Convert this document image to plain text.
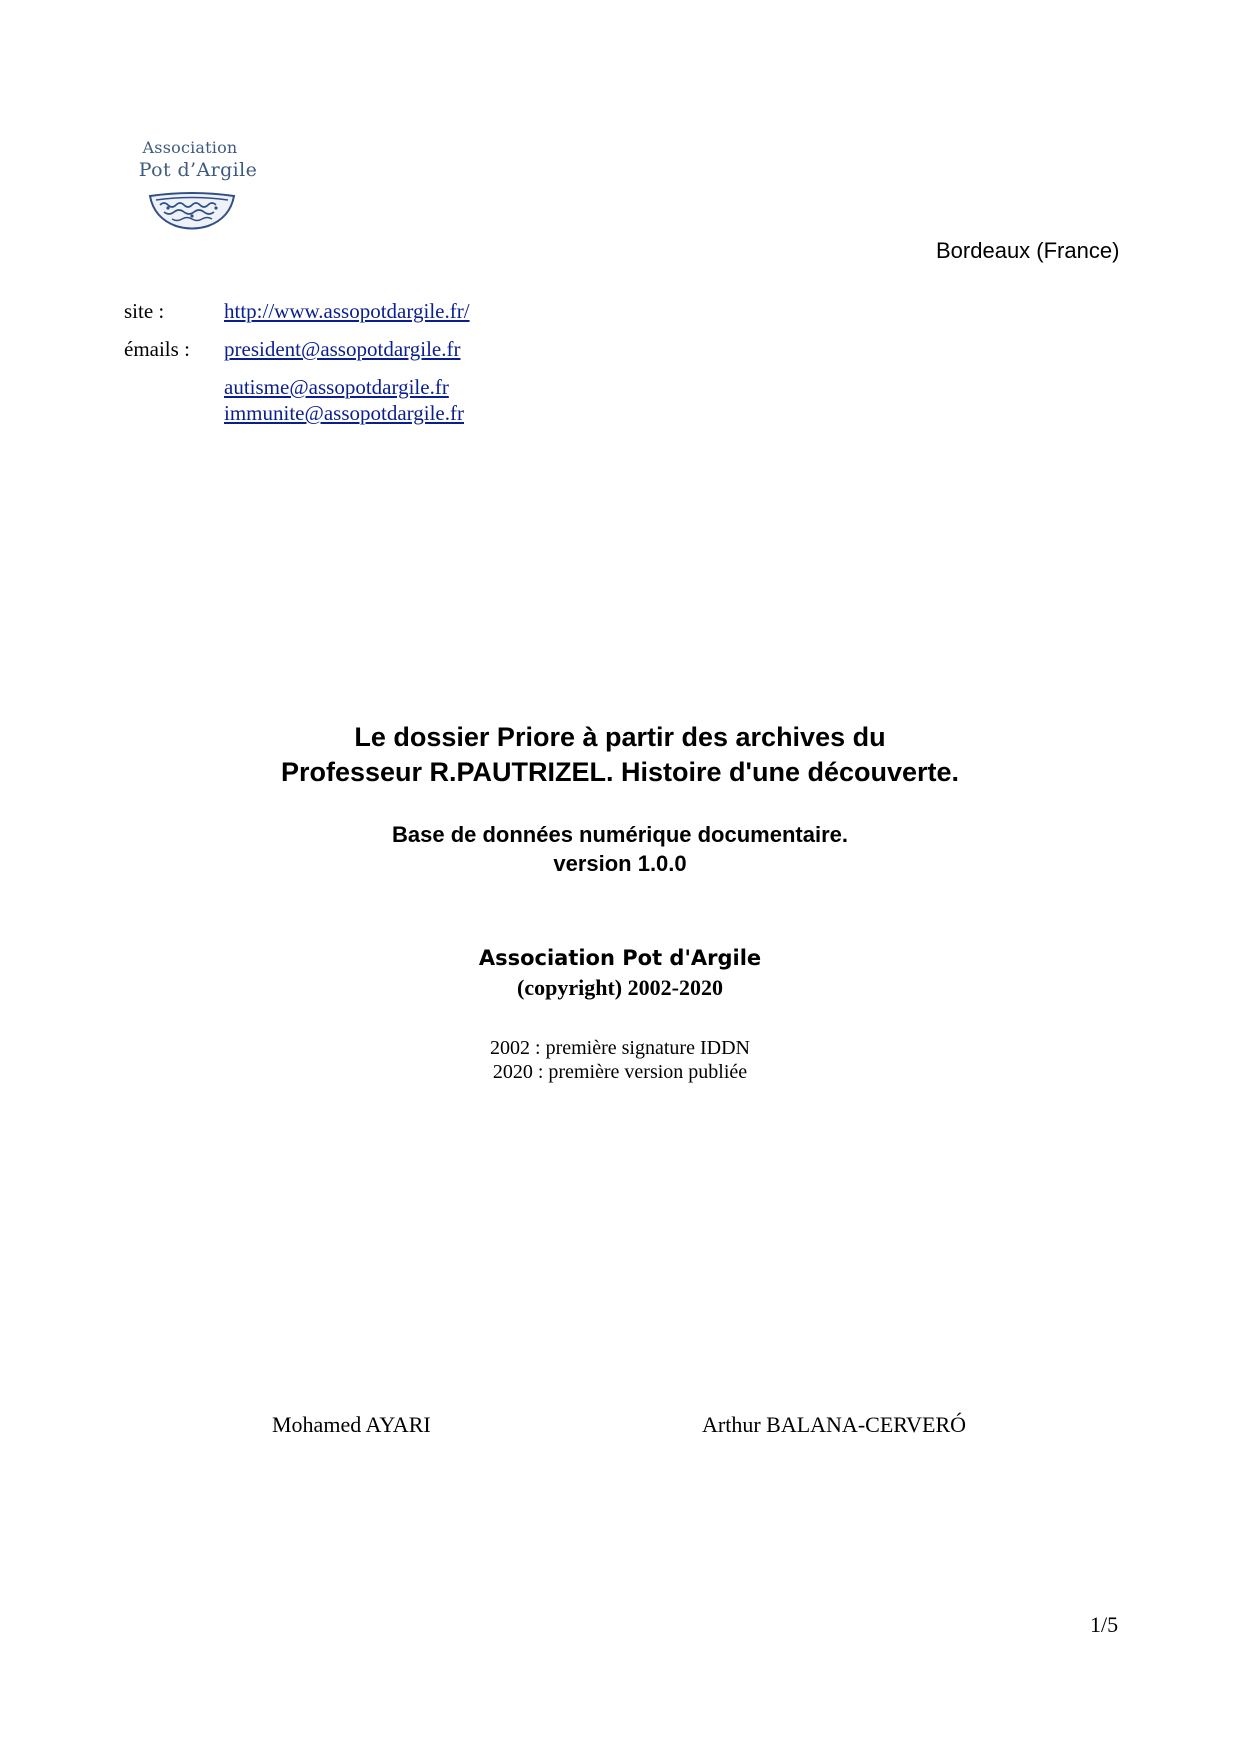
Association
Pot d’Argile
Bordeaux (France)
site :	http://www.assopotdargile.fr/
émails : president@assopotdargile.fr
autisme@assopotdargile.fr
immunite@assopotdargile.fr
Le dossier Priore à partir des archives du
Professeur R.PAUTRIZEL. Histoire d'une découverte.
Base de données numérique documentaire.
version 1.0.0
Association Pot d'Argile
(copyright) 2002-2020
2002 : première signature IDDN
2020 : première version publiée
Mohamed AYARI	Arthur BALANA-CERVERÓ
1/5
